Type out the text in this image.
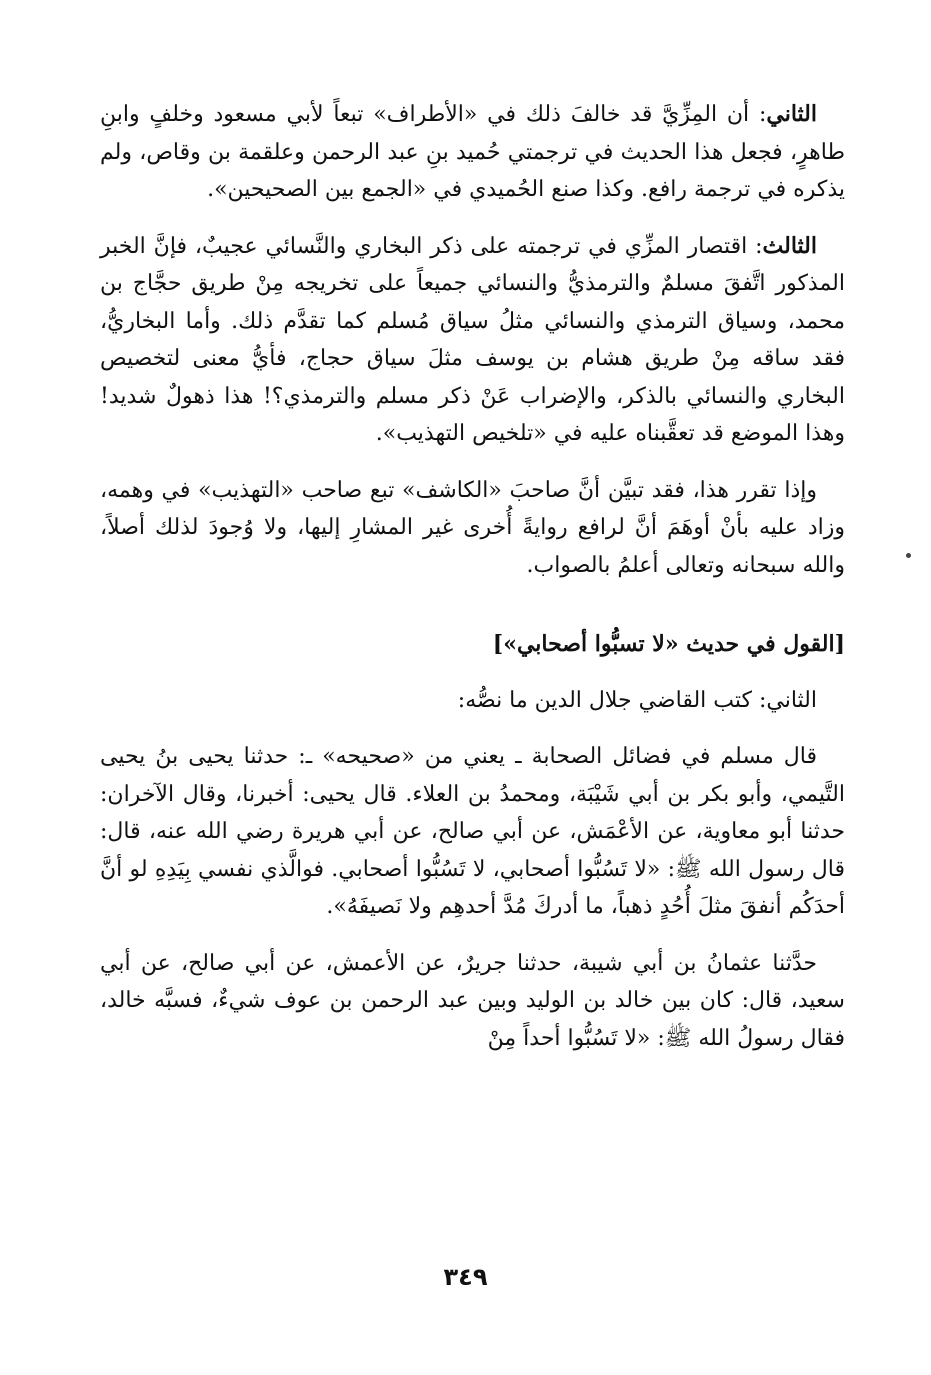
الثاني: أن المِزِّيَّ قد خالفَ ذلك في «الأطراف» تبعاً لأبي مسعود وخلفٍ وابنِ طاهرٍ، فجعل هذا الحديث في ترجمتي حُميد بنِ عبد الرحمن وعلقمة بن وقاص، ولم يذكره في ترجمة رافع. وكذا صنع الحُميدي في «الجمع بين الصحيحين».

الثالث: اقتصار المزِّي في ترجمته على ذكر البخاري والنَّسائي عجيبٌ، فإنَّ الخبر المذكور اتَّفقَ مسلمٌ والترمذيُّ والنسائي جميعاً على تخريجه مِنْ طريق حجَّاج بن محمد، وسياق الترمذي والنسائي مثلُ سياق مُسلم كما تقدَّم ذلك. وأما البخاريُّ، فقد ساقه مِنْ طريق هشام بن يوسف مثلَ سياق حجاج، فأيُّ معنى لتخصيص البخاري والنسائي بالذكر، والإضراب عَنْ ذكر مسلم والترمذي؟! هذا ذهولٌ شديد! وهذا الموضع قد تعقَّبناه عليه في «تلخيص التهذيب».

وإذا تقرر هذا، فقد تبيَّن أنَّ صاحبَ «الكاشف» تبع صاحب «التهذيب» في وهمه، وزاد عليه بأنْ أوهَمَ أنَّ لرافع روايةً أُخرى غير المشارِ إليها، ولا وُجودَ لذلك أصلاً، والله سبحانه وتعالى أعلمُ بالصواب.

[القول في حديث «لا تسبُّوا أصحابي»]

الثاني: كتب القاضي جلال الدين ما نصُّه:

قال مسلم في فضائل الصحابة ـ يعني من «صحيحه» ـ: حدثنا يحيى بنُ يحيى التَّيمي، وأبو بكر بن أبي شَيْبَة، ومحمدُ بن العلاء. قال يحيى: أخبرنا، وقال الآخران: حدثنا أبو معاوية، عن الأعْمَش، عن أبي صالح، عن أبي هريرة رضي الله عنه، قال: قال رسول الله ﷺ: «لا تَسُبُّوا أصحابي، لا تَسُبُّوا أصحابي. فوالَّذي نفسي بِيَدِهِ لو أنَّ أحدَكُم أنفقَ مثلَ أُحُدٍ ذهباً، ما أدركَ مُدَّ أحدهِم ولا نَصيفَهُ».

حدَّثنا عثمانُ بن أبي شيبة، حدثنا جريرٌ، عن الأعمش، عن أبي صالح، عن أبي سعيد، قال: كان بين خالد بن الوليد وبين عبد الرحمن بن عوف شيءٌ، فسبَّه خالد، فقال رسولُ الله ﷺ: «لا تَسُبُّوا أحداً مِنْ

٣٤٩
